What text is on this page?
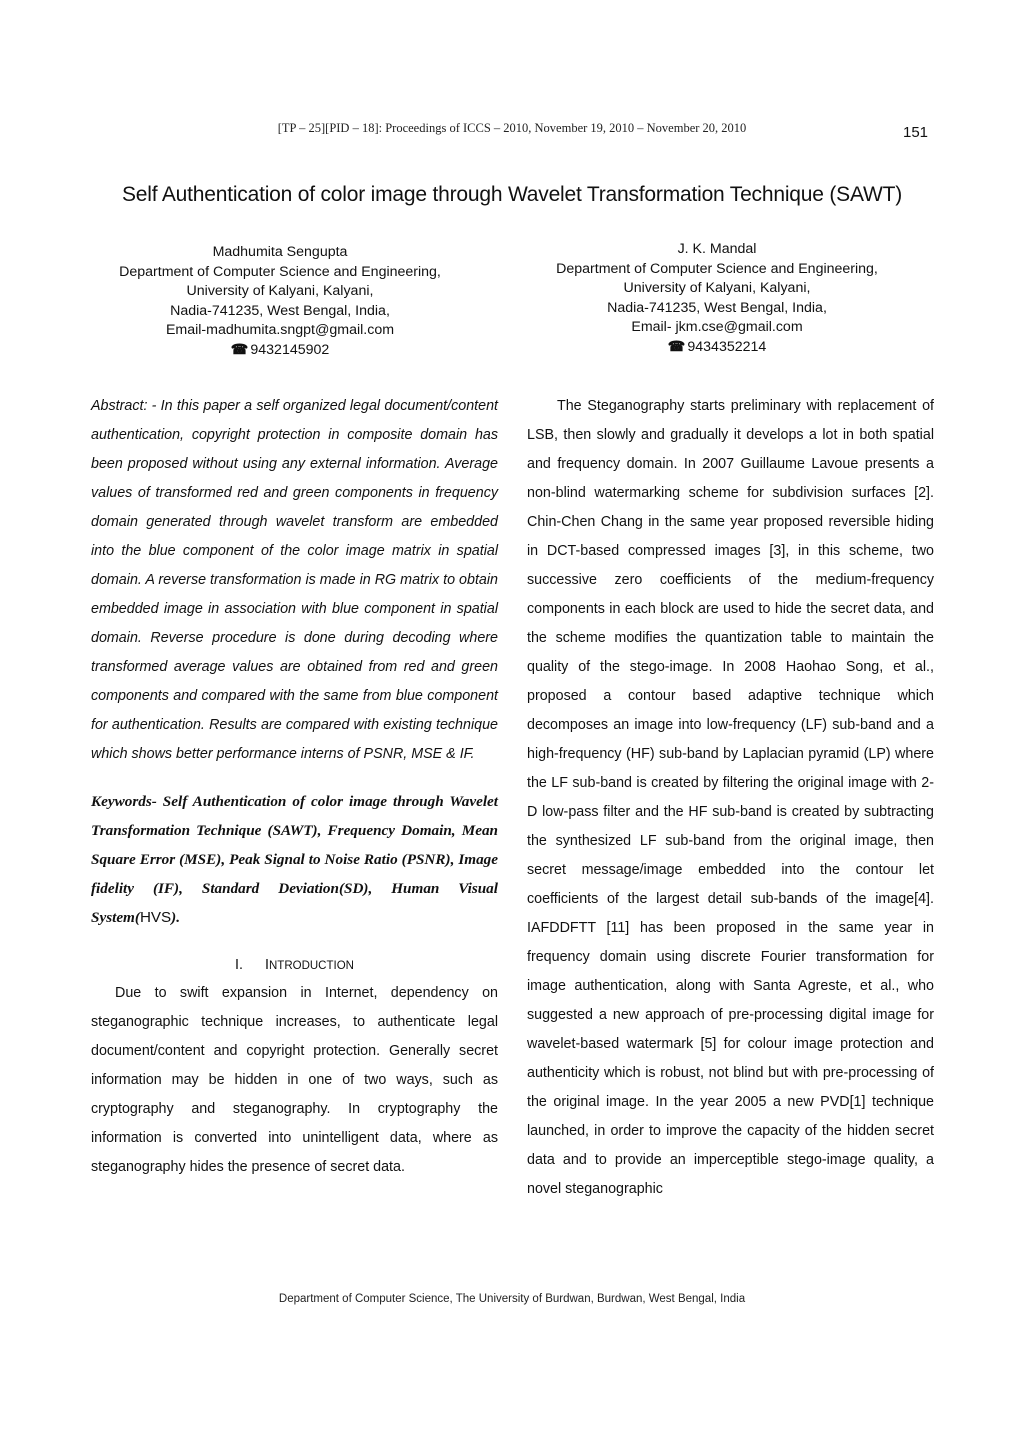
[TP – 25][PID – 18]: Proceedings of ICCS – 2010, November 19, 2010 – November 20, 2010	151
Self Authentication of color image through Wavelet Transformation Technique (SAWT)
Madhumita Sengupta
Department of Computer Science and Engineering,
University of Kalyani, Kalyani,
Nadia-741235, West Bengal, India,
Email-madhumita.sngpt@gmail.com
☎ 9432145902
J. K. Mandal
Department of Computer Science and Engineering,
University of Kalyani, Kalyani,
Nadia-741235, West Bengal, India,
Email- jkm.cse@gmail.com
☎ 9434352214

Abstract: - In this paper a self organized legal document/content authentication, copyright protection in composite domain has been proposed without using any external information. Average values of transformed red and green components in frequency domain generated through wavelet transform are embedded into the blue component of the color image matrix in spatial domain. A reverse transformation is made in RG matrix to obtain embedded image in association with blue component in spatial domain. Reverse procedure is done during decoding where transformed average values are obtained from red and green components and compared with the same from blue component for authentication. Results are compared with existing technique which shows better performance interns of PSNR, MSE & IF.

Keywords- Self Authentication of color image through Wavelet Transformation Technique (SAWT), Frequency Domain, Mean Square Error (MSE), Peak Signal to Noise Ratio (PSNR), Image fidelity (IF), Standard Deviation(SD), Human Visual System(HVS).

I. INTRODUCTION

Due to swift expansion in Internet, dependency on steganographic technique increases, to authenticate legal document/content and copyright protection. Generally secret information may be hidden in one of two ways, such as cryptography and steganography. In cryptography the information is converted into unintelligent data, where as steganography hides the presence of secret data.

The Steganography starts preliminary with replacement of LSB, then slowly and gradually it develops a lot in both spatial and frequency domain. In 2007 Guillaume Lavoue presents a non-blind watermarking scheme for subdivision surfaces [2]. Chin-Chen Chang in the same year proposed reversible hiding in DCT-based compressed images [3], in this scheme, two successive zero coefficients of the medium-frequency components in each block are used to hide the secret data, and the scheme modifies the quantization table to maintain the quality of the stego-image. In 2008 Haohao Song, et al., proposed a contour based adaptive technique which decomposes an image into low-frequency (LF) sub-band and a high-frequency (HF) sub-band by Laplacian pyramid (LP) where the LF sub-band is created by filtering the original image with 2-D low-pass filter and the HF sub-band is created by subtracting the synthesized LF sub-band from the original image, then secret message/image embedded into the contour let coefficients of the largest detail sub-bands of the image[4]. IAFDDFTT [11] has been proposed in the same year in frequency domain using discrete Fourier transformation for image authentication, along with Santa Agreste, et al., who suggested a new approach of pre-processing digital image for wavelet-based watermark [5] for colour image protection and authenticity which is robust, not blind but with pre-processing of the original image. In the year 2005 a new PVD[1] technique launched, in order to improve the capacity of the hidden secret data and to provide an imperceptible stego-image quality, a novel steganographic

Department of Computer Science, The University of Burdwan, Burdwan, West Bengal, India
